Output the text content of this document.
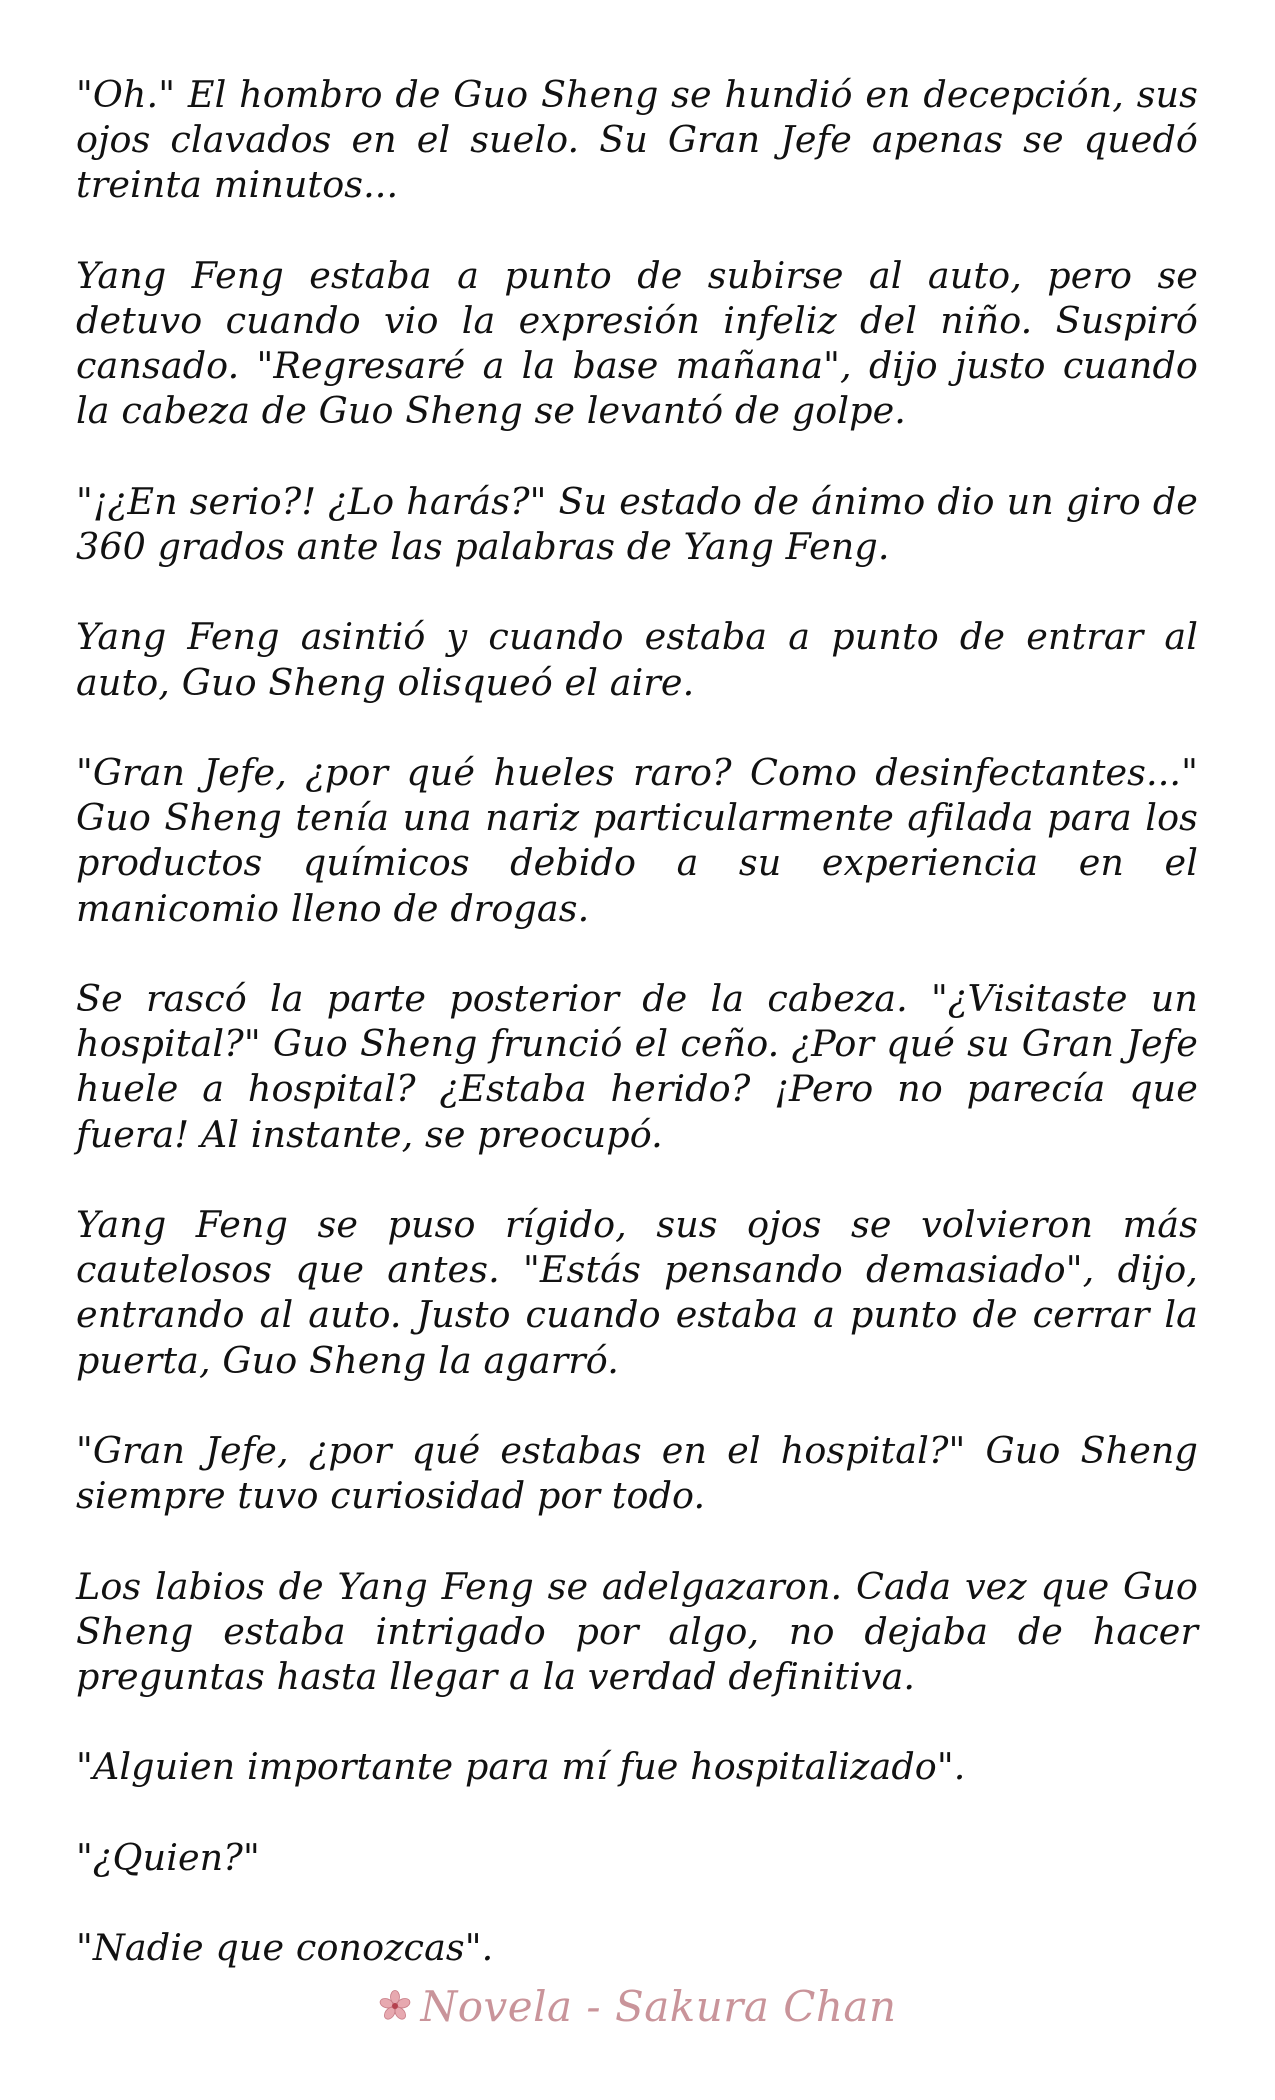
"Oh." El hombro de Guo Sheng se hundió en decepción, sus ojos clavados en el suelo. Su Gran Jefe apenas se quedó treinta minutos...

Yang Feng estaba a punto de subirse al auto, pero se detuvo cuando vio la expresión infeliz del niño. Suspiró cansado. "Regresaré a la base mañana", dijo justo cuando la cabeza de Guo Sheng se levantó de golpe.

"¡¿En serio?! ¿Lo harás?" Su estado de ánimo dio un giro de 360 grados ante las palabras de Yang Feng.

Yang Feng asintió y cuando estaba a punto de entrar al auto, Guo Sheng olisqueó el aire.

"Gran Jefe, ¿por qué hueles raro? Como desinfectantes..." Guo Sheng tenía una nariz particularmente afilada para los productos químicos debido a su experiencia en el manicomio lleno de drogas.

Se rascó la parte posterior de la cabeza. "¿Visitaste un hospital?" Guo Sheng frunció el ceño. ¿Por qué su Gran Jefe huele a hospital? ¿Estaba herido? ¡Pero no parecía que fuera! Al instante, se preocupó.

Yang Feng se puso rígido, sus ojos se volvieron más cautelosos que antes. "Estás pensando demasiado", dijo, entrando al auto. Justo cuando estaba a punto de cerrar la puerta, Guo Sheng la agarró.

"Gran Jefe, ¿por qué estabas en el hospital?" Guo Sheng siempre tuvo curiosidad por todo.

Los labios de Yang Feng se adelgazaron. Cada vez que Guo Sheng estaba intrigado por algo, no dejaba de hacer preguntas hasta llegar a la verdad definitiva.

"Alguien importante para mí fue hospitalizado".

"¿Quien?"

"Nadie que conozcas".

Novela - Sakura Chan
